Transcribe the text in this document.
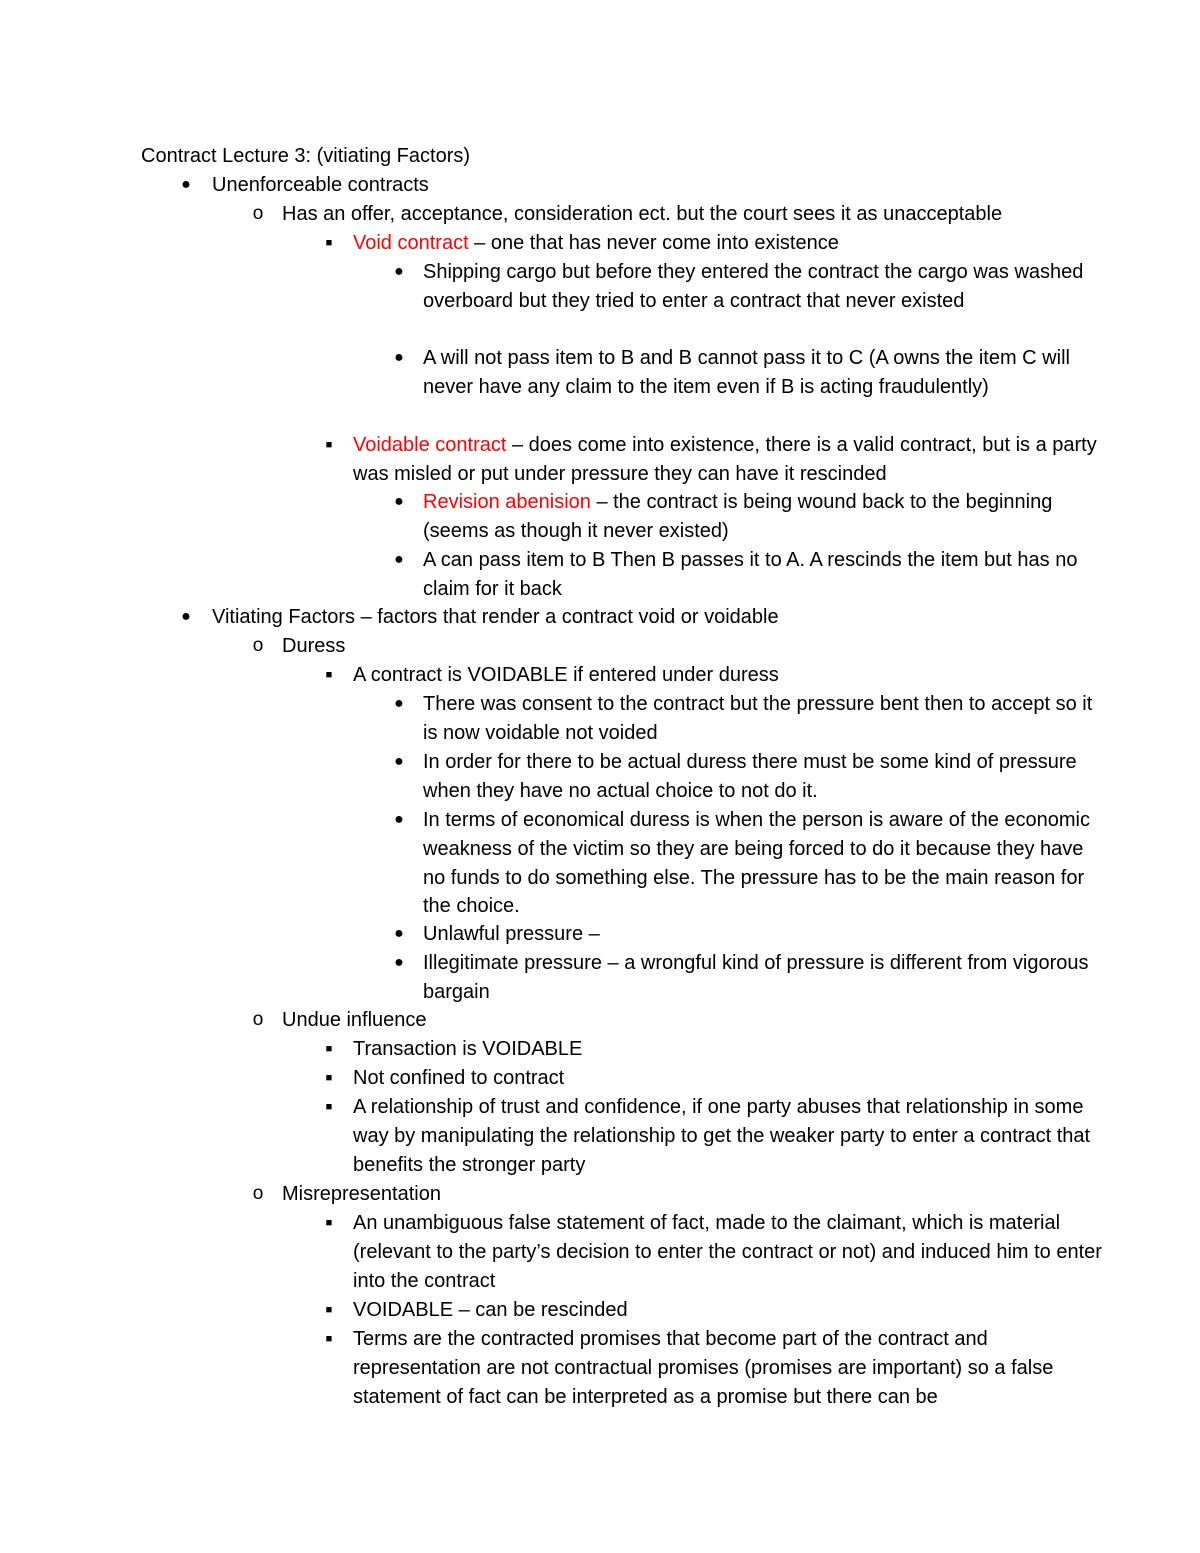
Contract Lecture 3: (vitiating Factors)
●	Unenforceable contracts
o Has an offer, acceptance, consideration ect. but the court sees it as unacceptable
■	Void contract – one that has never come into existence
● Shipping cargo but before they entered the contract the cargo was washed overboard but they tried to enter a contract that never existed
● A will not pass item to B and B cannot pass it to C (A owns the item C will never have any claim to the item even if B is acting fraudulently)
■	Voidable contract – does come into existence, there is a valid contract, but is a party was misled or put under pressure they can have it rescinded
● Revision abenision – the contract is being wound back to the beginning (seems as though it never existed)
● A can pass item to B Then B passes it to A. A rescinds the item but has no claim for it back
●	Vitiating Factors – factors that render a contract void or voidable
o Duress
■	A contract is VOIDABLE if entered under duress
● There was consent to the contract but the pressure bent then to accept so it is now voidable not voided
● In order for there to be actual duress there must be some kind of pressure when they have no actual choice to not do it.
● In terms of economical duress is when the person is aware of the economic weakness of the victim so they are being forced to do it because they have no funds to do something else. The pressure has to be the main reason for the choice.
● Unlawful pressure –
● Illegitimate pressure – a wrongful kind of pressure is different from vigorous bargain
o Undue influence
■	Transaction is VOIDABLE
■	Not confined to contract
■	A relationship of trust and confidence, if one party abuses that relationship in some way by manipulating the relationship to get the weaker party to enter a contract that benefits the stronger party
o Misrepresentation
■	An unambiguous false statement of fact, made to the claimant, which is material (relevant to the party’s decision to enter the contract or not) and induced him to enter into the contract
■	VOIDABLE – can be rescinded
■	Terms are the contracted promises that become part of the contract and representation are not contractual promises (promises are important) so a false statement of fact can be interpreted as a promise but there can be
